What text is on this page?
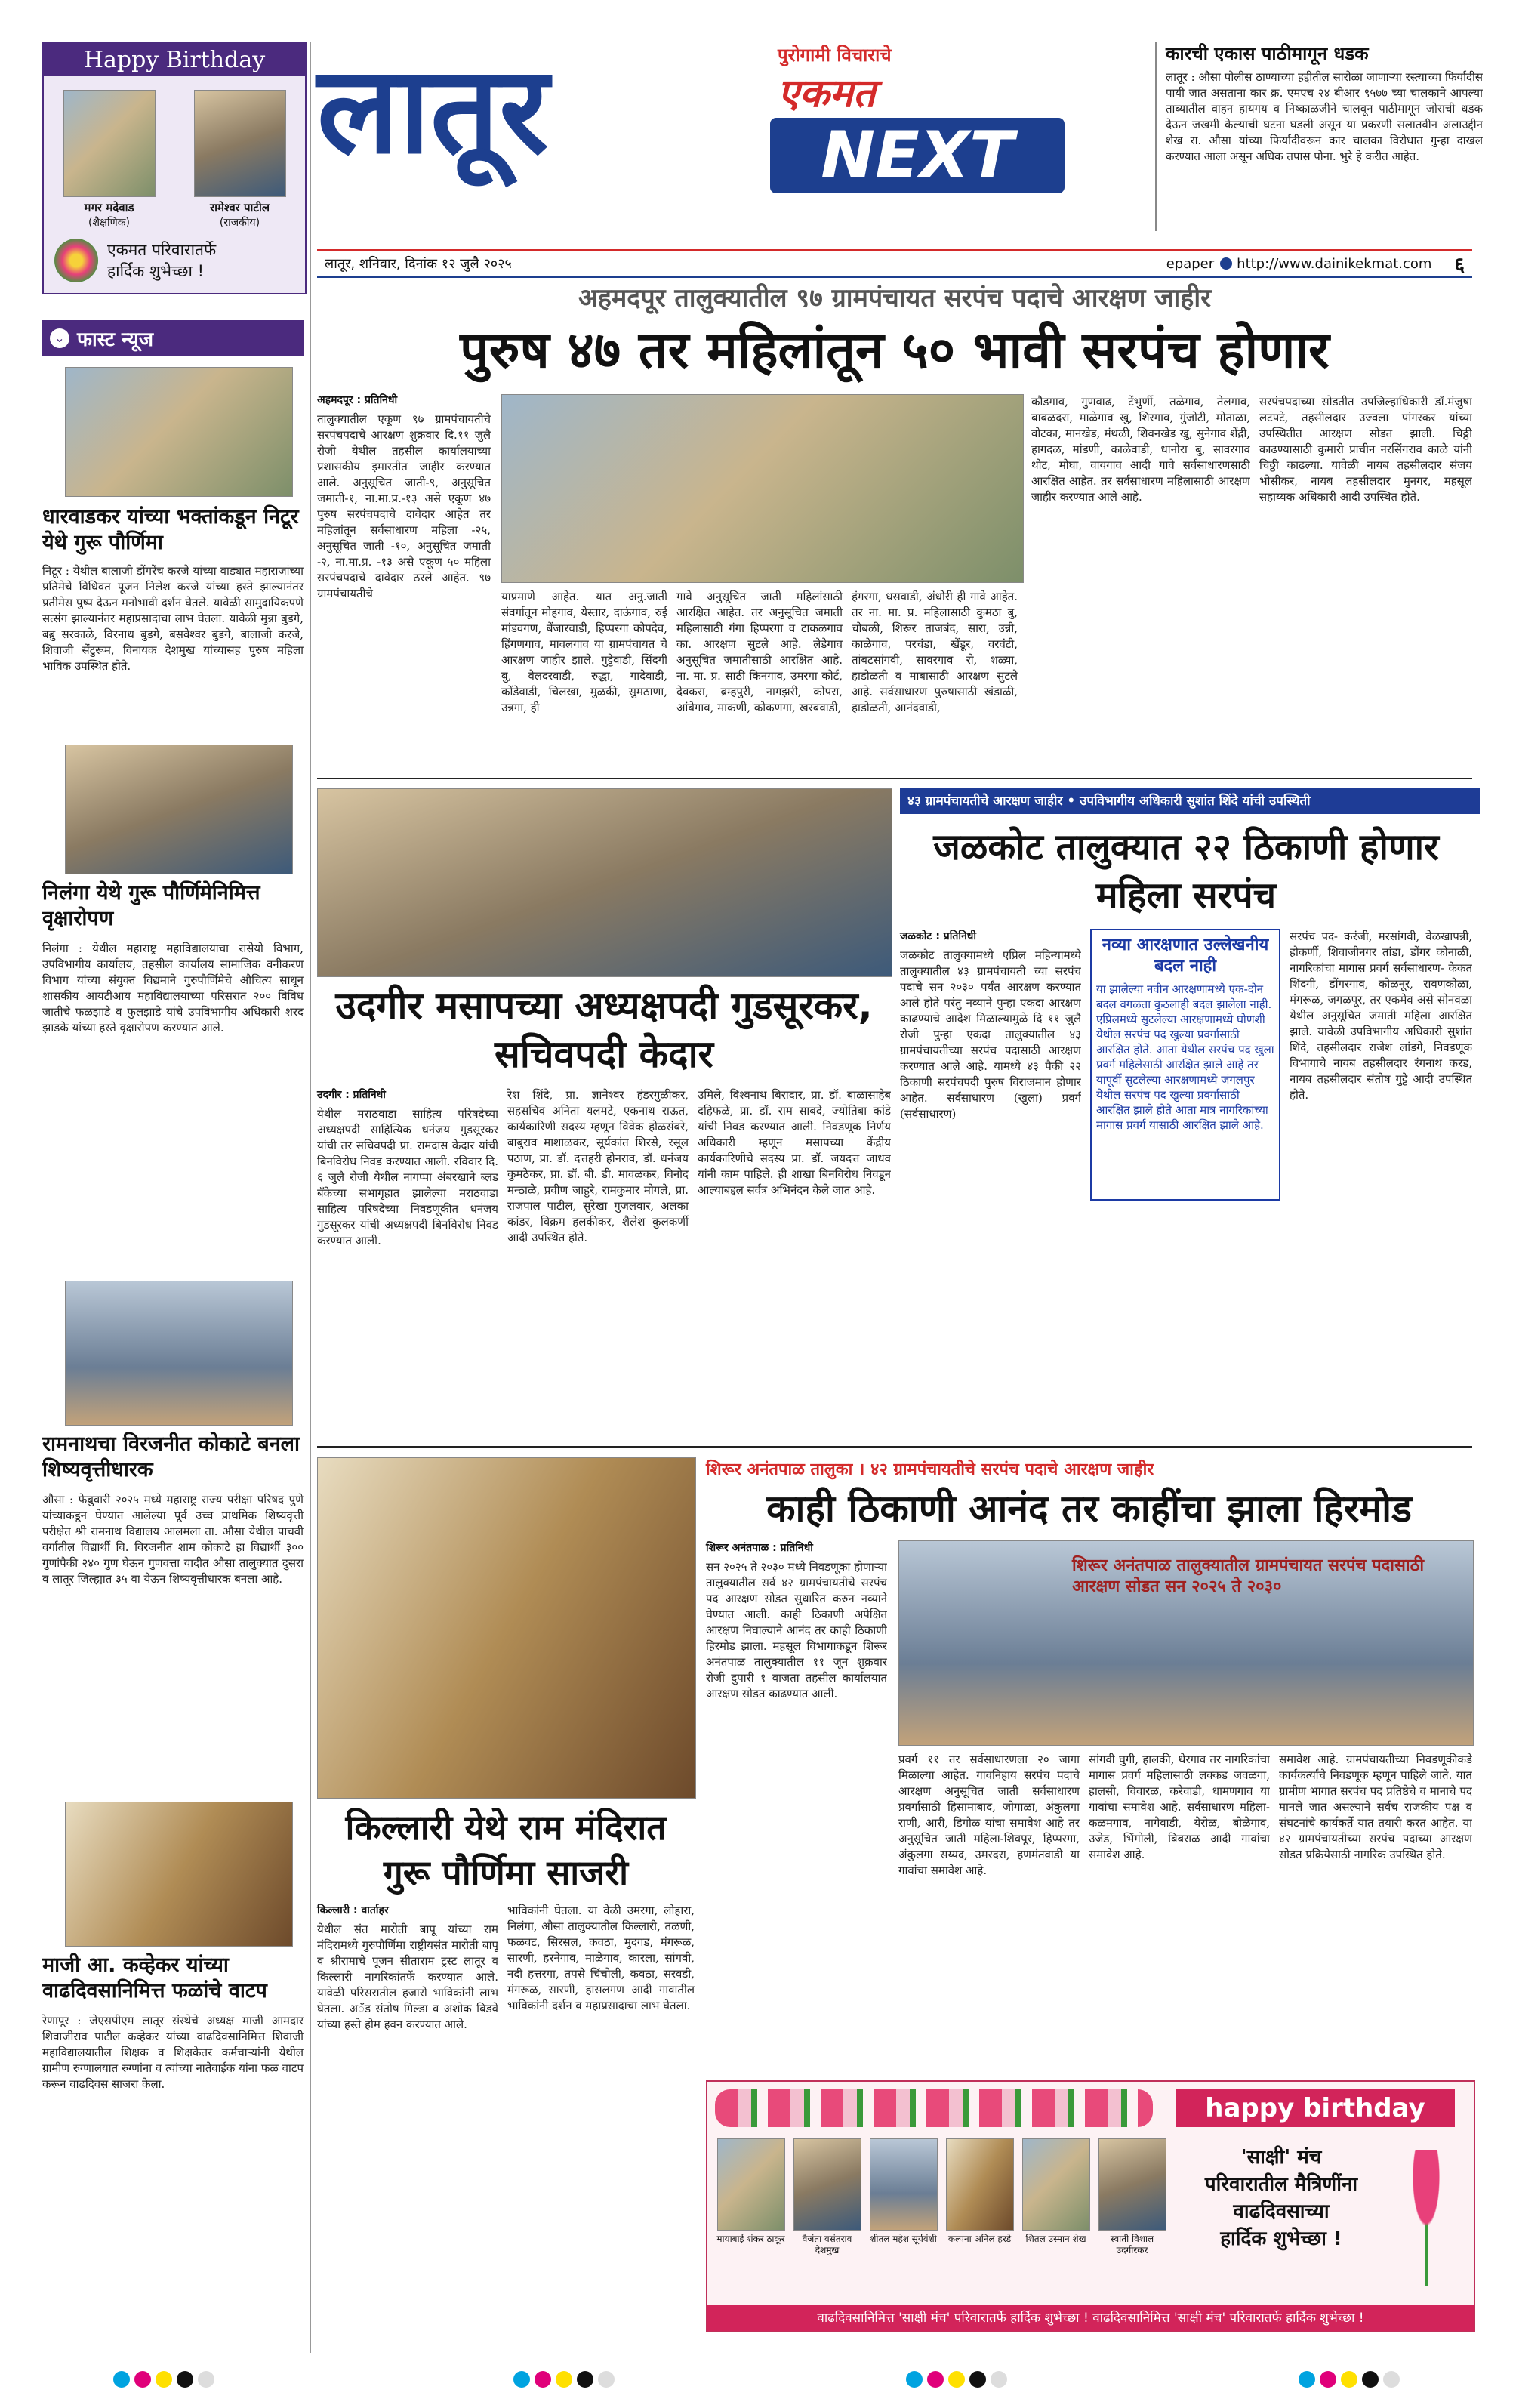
Happy Birthday
मगर मदेवाड
(शैक्षणिक)
रामेश्वर पाटील
(राजकीय)
एकमत परिवारातर्फे
हार्दिक शुभेच्छा !
⌄ फास्ट न्यूज
धारवाडकर यांच्या भक्तांकडून निटूर येथे गुरू पौर्णिमा
निटूर : येथील बालाजी डोंगरेंच करजे यांच्या वाड्यात महाराजांच्या प्रतिमेचे विधिवत पूजन निलेश करजे यांच्या हस्ते झाल्यानंतर प्रतीमेस पुष्प देऊन मनोभावी दर्शन घेतले. यावेळी सामुदायिकपणे सत्संग झाल्यानंतर महाप्रसादाचा लाभ घेतला. यावेळी मुन्ना बुडगे, बब्रु सरकाळे, विरनाथ बुडगे, बसवेश्वर बुडगे, बालाजी करजे, शिवाजी सेंटुरूम, विनायक देशमुख यांच्यासह पुरुष महिला भाविक उपस्थित होते.
निलंगा येथे गुरू पौर्णिमेनिमित्त वृक्षारोपण
निलंगा : येथील महाराष्ट्र महाविद्यालयाचा रासेयो विभाग, उपविभागीय कार्यालय, तहसील कार्यालय सामाजिक वनीकरण विभाग यांच्या संयुक्त विद्यमाने गुरुपौर्णिमेचे औचित्य साधून शासकीय आयटीआय महाविद्यालयाच्या परिसरात २०० विविध जातीचे फळझाडे व फुलझाडे यांचे उपविभागीय अधिकारी शरद झाडके यांच्या हस्ते वृक्षारोपण करण्यात आले.
रामनाथचा विरजनीत कोकाटे बनला शिष्यवृत्तीधारक
औसा : फेब्रुवारी २०२५ मध्ये महाराष्ट्र राज्य परीक्षा परिषद पुणे यांच्याकडून घेण्यात आलेल्या पूर्व उच्च प्राथमिक शिष्यवृत्ती परीक्षेत श्री रामनाथ विद्यालय आलमला ता. औसा येथील पाचवी वर्गातील विद्यार्थी वि. विरजनीत शाम कोकाटे हा विद्यार्थी ३०० गुणांपैकी २४० गुण घेऊन गुणवत्ता यादीत औसा तालुक्यात दुसरा व लातूर जिल्ह्यात ३५ वा येऊन शिष्यवृत्तीधारक बनला आहे.
माजी आ. कव्हेकर यांच्या वाढदिवसानिमित्त फळांचे वाटप
रेणापूर : जेएसपीएम लातूर संस्थेचे अध्यक्ष माजी आमदार शिवाजीराव पाटील कव्हेकर यांच्या वाढदिवसानिमित्त शिवाजी महाविद्यालयातील शिक्षक व शिक्षकेतर कर्मचाऱ्यांनी येथील ग्रामीण रुग्णालयात रुग्णांना व त्यांच्या नातेवाईक यांना फळ वाटप करून वाढदिवस साजरा केला.
लातूर	पुरोगामी विचाराचे
एकमत
NEXT
कारची एकास पाठीमागून धडक
लातूर : औसा पोलीस ठाण्याच्या हद्दीतील सारोळा जाणाऱ्या रस्त्याच्या फिर्यादीस पायी जात असताना कार क्र. एमएच २४ बीआर ९५७७ च्या चालकाने आपल्या ताब्यातील वाहन हायगय व निष्काळजीने चालवून पाठीमागून जोराची धडक देऊन जखमी केल्याची घटना घडली असून या प्रकरणी सलातवीन अलाउद्दीन शेख रा. औसा यांच्या फिर्यादीवरून कार चालका विरोधात गुन्हा दाखल करण्यात आला असून अधिक तपास पोना. भुरे हे करीत आहेत.
लातूर, शनिवार, दिनांक १२ जुलै २०२५	epaper http://www.dainikekmat.com ६
अहमदपूर तालुक्यातील ९७ ग्रामपंचायत सरपंच पदाचे आरक्षण जाहीर
पुरुष ४७ तर महिलांतून ५० भावी सरपंच होणार
अहमदपूर : प्रतिनिधी
तालुक्यातील एकूण ९७ ग्रामपंचायतीचे सरपंचपदाचे आरक्षण शुक्रवार दि.११ जुलै रोजी येथील तहसील कार्यालयाच्या प्रशासकीय इमारतीत जाहीर करण्यात आले. अनुसूचित जाती-९, अनुसूचित जमाती-१, ना.मा.प्र.-१३ असे एकूण ४७ पुरुष सरपंचपदाचे दावेदार आहेत तर महिलांतून सर्वसाधारण महिला -२५, अनुसूचित जाती -१०, अनुसूचित जमाती -२, ना.मा.प्र. -१३ असे एकूण ५० महिला सरपंचपदाचे दावेदार ठरले आहेत. ९७ ग्रामपंचायतीचे	याप्रमाणे आहेत. यात अनु.जाती संवर्गातून मोहगाव, येस्तार, दाऊंगाव, रुई मांडवगण, बेंजारवाडी, हिप्परगा कोपदेव, हिंगणगाव, मावलगाव या ग्रामपंचायत चे आरक्षण जाहीर झाले. गुट्टेवाडी, सिंदगी बु, वेलदरवाडी, रुद्धा, गादेवाडी, कोंडेवाडी, चिलखा, मुळकी, सुमठाणा, उन्नगा, ही
गावे अनुसूचित जाती महिलांसाठी आरक्षित आहेत. तर अनुसूचित जमाती महिलासाठी गंगा हिप्परगा व टाकळगाव का. आरक्षण सुटले आहे. लेडेगाव अनुसूचित जमातीसाठी आरक्षित आहे. ना. मा. प्र. साठी किनगाव, उमरगा कोर्ट, देवकरा, ब्रम्हपुरी, नागझरी, कोपरा, आंबेगाव, माकणी, कोकणगा, खरबवाडी,
हंगरगा, धसवाडी, अंधोरी ही गावे आहेत. तर ना. मा. प्र. महिलासाठी कुमठा बु, चोबळी, शिरूर ताजबंद, सारा, उन्नी, काळेगाव, परचंडा, खेंडूर, वरवंटी, तांबटसांगवी, सावरगाव रो, शळ्या, हाडोळती व माबासाठी आरक्षण सुटले आहे. सर्वसाधारण पुरुषासाठी खंडाळी, हाडोळती, आनंदवाडी,
कौडगाव, गुणवाढ, टेंभुर्णी, तळेगाव, तेलगाव, बाबळदरा, माळेगाव खु, शिरगाव, गुंजोटी, मोताळा, वोटका, मानखेड, मंथळी, शिवनखेड खु, सुनेगाव शेंद्री, हागदळ, मांडणी, काळेवाडी, धानोरा बु, सावरगाव थोट, मोघा, वायगाव आदी गावे सर्वसाधारणसाठी आरक्षित आहेत. तर सर्वसाधारण महिलासाठी आरक्षण जाहीर करण्यात आले आहे.
सरपंचपदाच्या सोडतीत उपजिल्हाधिकारी डॉ.मंजुषा लटपटे, तहसीलदार उज्वला पांगरकर यांच्या उपस्थितीत आरक्षण सोडत झाली. चिठ्ठी काढण्यासाठी कुमारी प्राचीन नरसिंगराव काळे यांनी चिठ्ठी काढल्या. यावेळी नायब तहसीलदार संजय भोसीकर, नायब तहसीलदार मुनगर, महसूल सहाय्यक अधिकारी आदी उपस्थित होते.
४३ ग्रामपंचायतीचे आरक्षण जाहीर • उपविभागीय अधिकारी सुशांत शिंदे यांची उपस्थिती
उदगीर मसापच्या अध्यक्षपदी गुडसूरकर, सचिवपदी केदार
उदगीर : प्रतिनिधी
येथील मराठवाडा साहित्य परिषदेच्या अध्यक्षपदी साहित्यिक धनंजय गुडसूरकर यांची तर सचिवपदी प्रा. रामदास केदार यांची बिनविरोध निवड करण्यात आली. रविवार दि. ६ जुलै रोजी येथील नागप्पा अंबरखाने ब्लड बँकेच्या सभागृहात झालेल्या मराठवाडा साहित्य परिषदेच्या निवडणूकीत धनंजय गुडसूरकर यांची अध्यक्षपदी बिनविरोध निवड करण्यात आली.
रेश शिंदे, प्रा. ज्ञानेश्वर हंडरगुळीकर, सहसचिव अनिता यलमटे, एकनाथ राऊत, कार्यकारिणी सदस्य म्हणून विवेक होळसंबरे, बाबुराव माशाळकर, सूर्यकांत शिरसे, रसूल पठाण, प्रा. डॉ. दत्तहरी होनराव, डॉ. धनंजय कुमठेकर, प्रा. डॉ. बी. डी. मावळकर, विनोद मन्ठाळे, प्रवीण जाहुरे, रामकुमार मोगले, प्रा. राजपाल पाटील, सुरेखा गुजलवार, अलका कांडर, विक्रम हलकीकर, शैलेश कुलकर्णी आदी उपस्थित होते.
उमिले, विश्वनाथ बिरादार, प्रा. डॉ. बाळासाहेब दहिफळे, प्रा. डॉ. राम साबदे, ज्योतिबा कांडे यांची निवड करण्यात आली. निवडणूक निर्णय अधिकारी म्हणून मसापच्या केंद्रीय कार्यकारिणीचे सदस्य प्रा. डॉ. जयदत्त जाधव यांनी काम पाहिले. ही शाखा बिनविरोध निवडून आल्याबद्दल सर्वत्र अभिनंदन केले जात आहे.
जळकोट तालुक्यात २२ ठिकाणी होणार महिला सरपंच
जळकोट : प्रतिनिधी
जळकोट तालुक्यामध्ये एप्रिल महिन्यामध्ये तालुक्यातील ४३ ग्रामपंचायती च्या सरपंच पदाचे सन २०३० पर्यंत आरक्षण करण्यात आले होते परंतु नव्याने पुन्हा एकदा आरक्षण काढण्याचे आदेश मिळाल्यामुळे दि ११ जुलै रोजी पुन्हा एकदा तालुक्यातील ४३ ग्रामपंचायतीच्या सरपंच पदासाठी आरक्षण करण्यात आले आहे. यामध्ये ४३ पैकी २२ ठिकाणी सरपंचपदी पुरुष विराजमान होणार आहेत. सर्वसाधारण (खुला) प्रवर्ग (सर्वसाधारण)
नव्या आरक्षणात उल्लेखनीय बदल नाही
या झालेल्या नवीन आरक्षणामध्ये एक-दोन बदल वगळता कुठलाही बदल झालेला नाही. एप्रिलमध्ये सुटलेल्या आरक्षणामध्ये घोणशी येथील सरपंच पद खुल्या प्रवर्गासाठी आरक्षित होते. आता येथील सरपंच पद खुला प्रवर्ग महिलेसाठी आरक्षित झाले आहे तर यापूर्वी सुटलेल्या आरक्षणामध्ये जंगलपुर येथील सरपंच पद खुल्या प्रवर्गासाठी आरक्षित झाले होते आता मात्र नागरिकांच्या मागास प्रवर्ग यासाठी आरक्षित झाले आहे.
सरपंच पद- करंजी, मरसांगवी, वेळखापन्नी, होकर्णी, शिवाजीनगर तांडा, डोंगर कोनाळी, नागरिकांचा मागास प्रवर्ग सर्वसाधारण- केकत शिंदगी, डोंगरगाव, कोळनूर, रावणकोळा, मंगरूळ, जगळपूर, तर एकमेव असे सोनवळा येथील अनुसूचित जमाती महिला आरक्षित झाले. यावेळी उपविभागीय अधिकारी सुशांत शिंदे, तहसीलदार राजेश लांडगे, निवडणूक विभागाचे नायब तहसीलदार रंगनाथ करड, नायब तहसीलदार संतोष गुट्टे आदी उपस्थित होते.
किल्लारी येथे राम मंदिरात गुरू पौर्णिमा साजरी
किल्लारी : वार्ताहर
येथील संत मारोती बापू यांच्या राम मंदिरामध्ये गुरुपौर्णिमा राष्ट्रीयसंत मारोती बापू व श्रीरामाचे पूजन सीताराम ट्रस्ट लातूर व किल्लारी नागरिकांतर्फे करण्यात आले. यावेळी परिसरातील हजारो भाविकांनी लाभ घेतला. अॅड संतोष गिल्डा व अशोक बिडवे यांच्या हस्ते होम हवन करण्यात आले.
भाविकांनी घेतला. या वेळी उमरगा, लोहारा, निलंगा, औसा तालुक्यातील किल्लारी, तळणी, फळवट, सिरसल, कवठा, मुदगड, मंगरूळ, सारणी, हरनेगाव, माळेगाव, कारला, सांगवी, नदी हत्तरगा, तपसे चिंचोली, कवठा, सरवडी, मंगरूळ, सारणी, हासलगण आदी गावातील भाविकांनी दर्शन व महाप्रसादाचा लाभ घेतला.
शिरूर अनंतपाळ तालुका । ४२ ग्रामपंचायतीचे सरपंच पदाचे आरक्षण जाहीर
काही ठिकाणी आनंद तर काहींचा झाला हिरमोड
शिरूर अनंतपाळ : प्रतिनिधी
सन २०२५ ते २०३० मध्ये निवडणूका होणाऱ्या तालुक्यातील सर्व ४२ ग्रामपंचायतीचे सरपंच पद आरक्षण सोडत सुधारित करुन नव्याने घेण्यात आली. काही ठिकाणी अपेक्षित आरक्षण निघाल्याने आनंद तर काही ठिकाणी हिरमोड झाला. महसूल विभागाकडून शिरूर अनंतपाळ तालुक्यातील ११ जून शुक्रवार रोजी दुपारी १ वाजता तहसील कार्यालयात आरक्षण सोडत काढण्यात आली.
शिरूर अनंतपाळ तालुक्यातील ग्रामपंचायत सरपंच पदासाठी आरक्षण सोडत सन २०२५ ते २०३०
प्रवर्ग ११ तर सर्वसाधारणला २० जागा मिळाल्या आहेत. गावनिहाय सरपंच पदाचे आरक्षण अनुसूचित जाती सर्वसाधारण प्रवर्गासाठी हिसामाबाद, जोगाळा, अंकुलगा राणी, आरी, डिगोळ यांचा समावेश आहे तर अनुसूचित जाती महिला-शिवपूर, हिप्परगा, अंकुलगा सय्यद, उमरदरा, हणमंतवाडी या गावांचा समावेश आहे.
सांगवी घुगी, हालकी, थेरगाव तर नागरिकांचा मागास प्रवर्ग महिलासाठी लक्कड जवळगा, हालसी, विवारळ, करेवाडी, धामणगाव या गावांचा समावेश आहे. सर्वसाधारण महिला-कळमगाव, नागेवाडी, येरोळ, बोळेगाव, उजेड, भिंगोली, बिबराळ आदी गावांचा समावेश आहे.
समावेश आहे. ग्रामपंचायतीच्या निवडणूकीकडे कार्यकर्त्यांचे निवडणूक म्हणून पाहिले जाते. यात ग्रामीण भागात सरपंच पद प्रतिष्ठेचे व मानाचे पद मानले जात असल्याने सर्वच राजकीय पक्ष व संघटनांचे कार्यकर्ते यात तयारी करत आहेत. या ४२ ग्रामपंचायतीच्या सरपंच पदाच्या आरक्षण सोडत प्रक्रियेसाठी नागरिक उपस्थित होते.
happy birthday
मायाबाई शंकर ठाकूर	वैजंता वसंतराव देशमुख
शीतल महेश सूर्यवंशी	कल्पना अनिल हरडे	शितल उस्मान शेख	स्वाती विशाल उदगीरकर
'साक्षी' मंच
परिवारातील मैत्रिणींना
वाढदिवसाच्या
हार्दिक शुभेच्छा !
वाढदिवसानिमित्त 'साक्षी मंच' परिवारातर्फे हार्दिक शुभेच्छा ! वाढदिवसानिमित्त 'साक्षी मंच' परिवारातर्फे हार्दिक शुभेच्छा !
